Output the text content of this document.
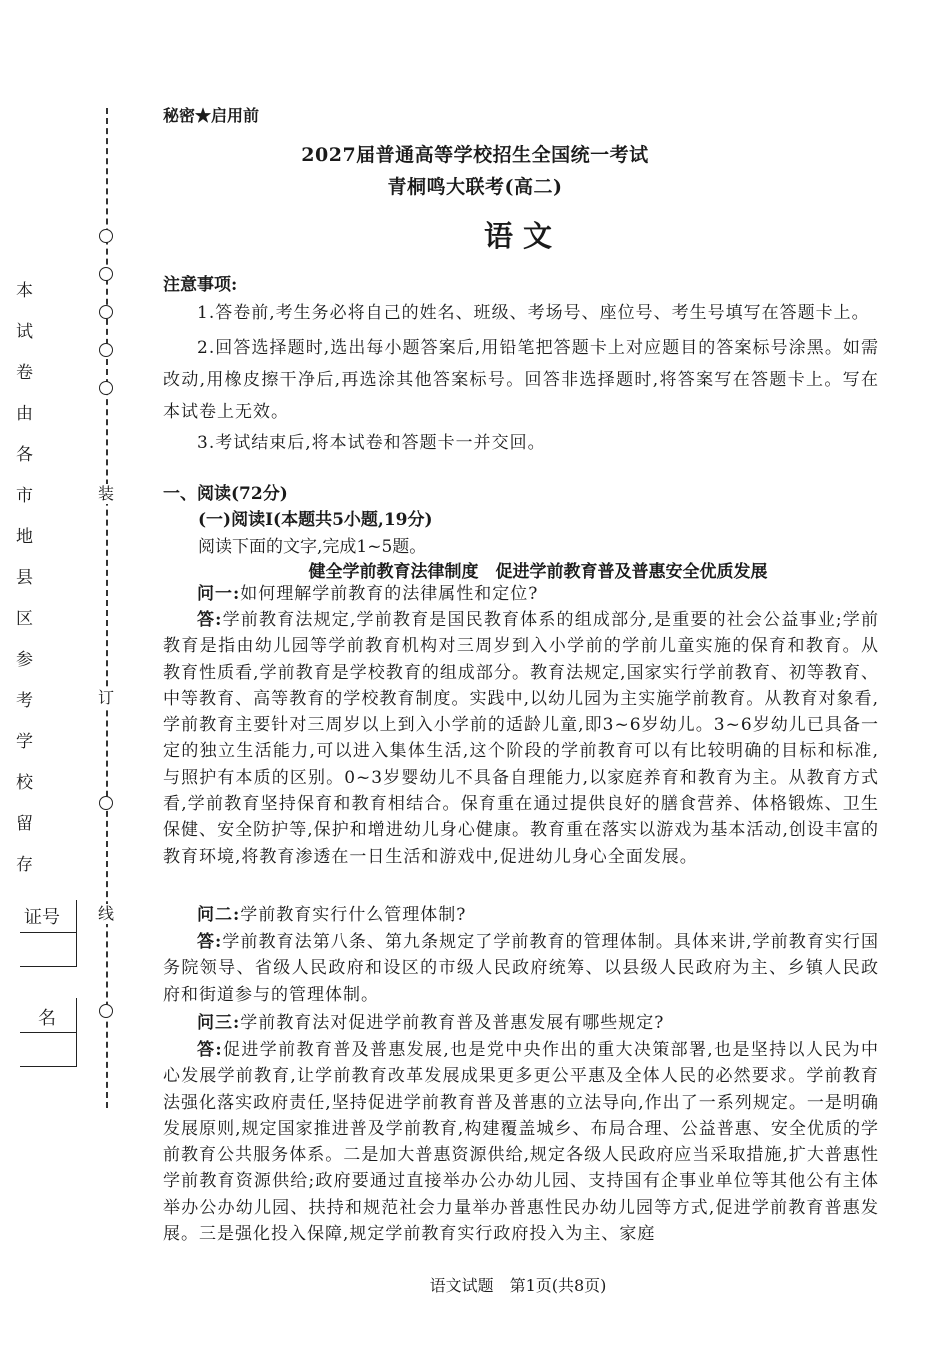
装
订
线
本
试
卷
由
各
市
地
县
区
参
考
学
校
留
存
证号
名
秘密★启用前
2027届普通高等学校招生全国统一考试
青桐鸣大联考(高二)
语 文
注意事项:

1.答卷前,考生务必将自己的姓名、班级、考场号、座位号、考生号填写在答题卡上。

2.回答选择题时,选出每小题答案后,用铅笔把答题卡上对应题目的答案标号涂黑。如需改动,用橡皮擦干净后,再选涂其他答案标号。回答非选择题时,将答案写在答题卡上。写在本试卷上无效。

3.考试结束后,将本试卷和答题卡一并交回。

一、阅读(72分)
(一)阅读Ⅰ(本题共5小题,19分)
阅读下面的文字,完成1~5题。
健全学前教育法律制度　促进学前教育普及普惠安全优质发展

问一:如何理解学前教育的法律属性和定位?

答:学前教育法规定,学前教育是国民教育体系的组成部分,是重要的社会公益事业;学前教育是指由幼儿园等学前教育机构对三周岁到入小学前的学前儿童实施的保育和教育。从教育性质看,学前教育是学校教育的组成部分。教育法规定,国家实行学前教育、初等教育、中等教育、高等教育的学校教育制度。实践中,以幼儿园为主实施学前教育。从教育对象看,学前教育主要针对三周岁以上到入小学前的适龄儿童,即3~6岁幼儿。3~6岁幼儿已具备一定的独立生活能力,可以进入集体生活,这个阶段的学前教育可以有比较明确的目标和标准,与照护有本质的区别。0~3岁婴幼儿不具备自理能力,以家庭养育和教育为主。从教育方式看,学前教育坚持保育和教育相结合。保育重在通过提供良好的膳食营养、体格锻炼、卫生保健、安全防护等,保护和增进幼儿身心健康。教育重在落实以游戏为基本活动,创设丰富的教育环境,将教育渗透在一日生活和游戏中,促进幼儿身心全面发展。

问二:学前教育实行什么管理体制?

答:学前教育法第八条、第九条规定了学前教育的管理体制。具体来讲,学前教育实行国务院领导、省级人民政府和设区的市级人民政府统筹、以县级人民政府为主、乡镇人民政府和街道参与的管理体制。

问三:学前教育法对促进学前教育普及普惠发展有哪些规定?

答:促进学前教育普及普惠发展,也是党中央作出的重大决策部署,也是坚持以人民为中心发展学前教育,让学前教育改革发展成果更多更公平惠及全体人民的必然要求。学前教育法强化落实政府责任,坚持促进学前教育普及普惠的立法导向,作出了一系列规定。一是明确发展原则,规定国家推进普及学前教育,构建覆盖城乡、布局合理、公益普惠、安全优质的学前教育公共服务体系。二是加大普惠资源供给,规定各级人民政府应当采取措施,扩大普惠性学前教育资源供给;政府要通过直接举办公办幼儿园、支持国有企事业单位等其他公有主体举办公办幼儿园、扶持和规范社会力量举办普惠性民办幼儿园等方式,促进学前教育普惠发展。三是强化投入保障,规定学前教育实行政府投入为主、家庭

语文试题　第1页(共8页)
